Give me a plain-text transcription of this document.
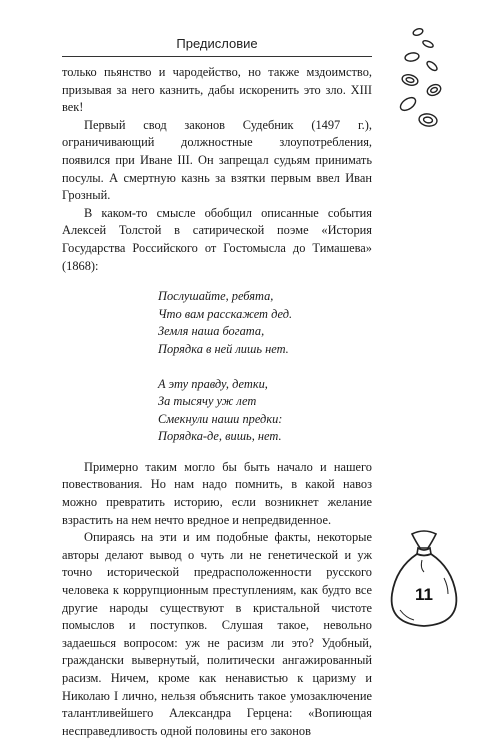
Предисловие

только пьянство и чародейство, но также мздоимство, призывая за него казнить, дабы искоренить это зло. XIII век!

Первый свод законов Судебник (1497 г.), ограничивающий должностные злоупотребления, появился при Иване III. Он запрещал судьям принимать посулы. А смертную казнь за взятки первым ввел Иван Грозный.

В каком-то смысле обобщил описанные события Алексей Толстой в сатирической поэме «История Государства Российского от Гостомысла до Тимашева» (1868):

Послушайте, ребята,
Что вам расскажет дед.
Земля наша богата,
Порядка в ней лишь нет.
А эту правду, детки,
За тысячу уж лет
Смекнули наши предки:
Порядка-де, вишь, нет.

Примерно таким могло бы быть начало и нашего повествования. Но нам надо помнить, в какой навоз можно превратить историю, если возникнет желание взрастить на нем нечто вредное и непредвиденное.

Опираясь на эти и им подобные факты, некоторые авторы делают вывод о чуть ли не генетической и уж точно исторической предрасположенности русского человека к коррупционным преступлениям, как будто все другие народы существуют в кристальной чистоте помыслов и поступков. Слушая такое, невольно задаешься вопросом: уж не расизм ли это? Удобный, граждански вывернутый, политически ангажированный расизм. Ничем, кроме как ненавистью к царизму и Николаю I лично, нельзя объяснить такое умозаключение талантливейшего Александра Герцена: «Вопиющая несправедливость одной половины его законов

11
